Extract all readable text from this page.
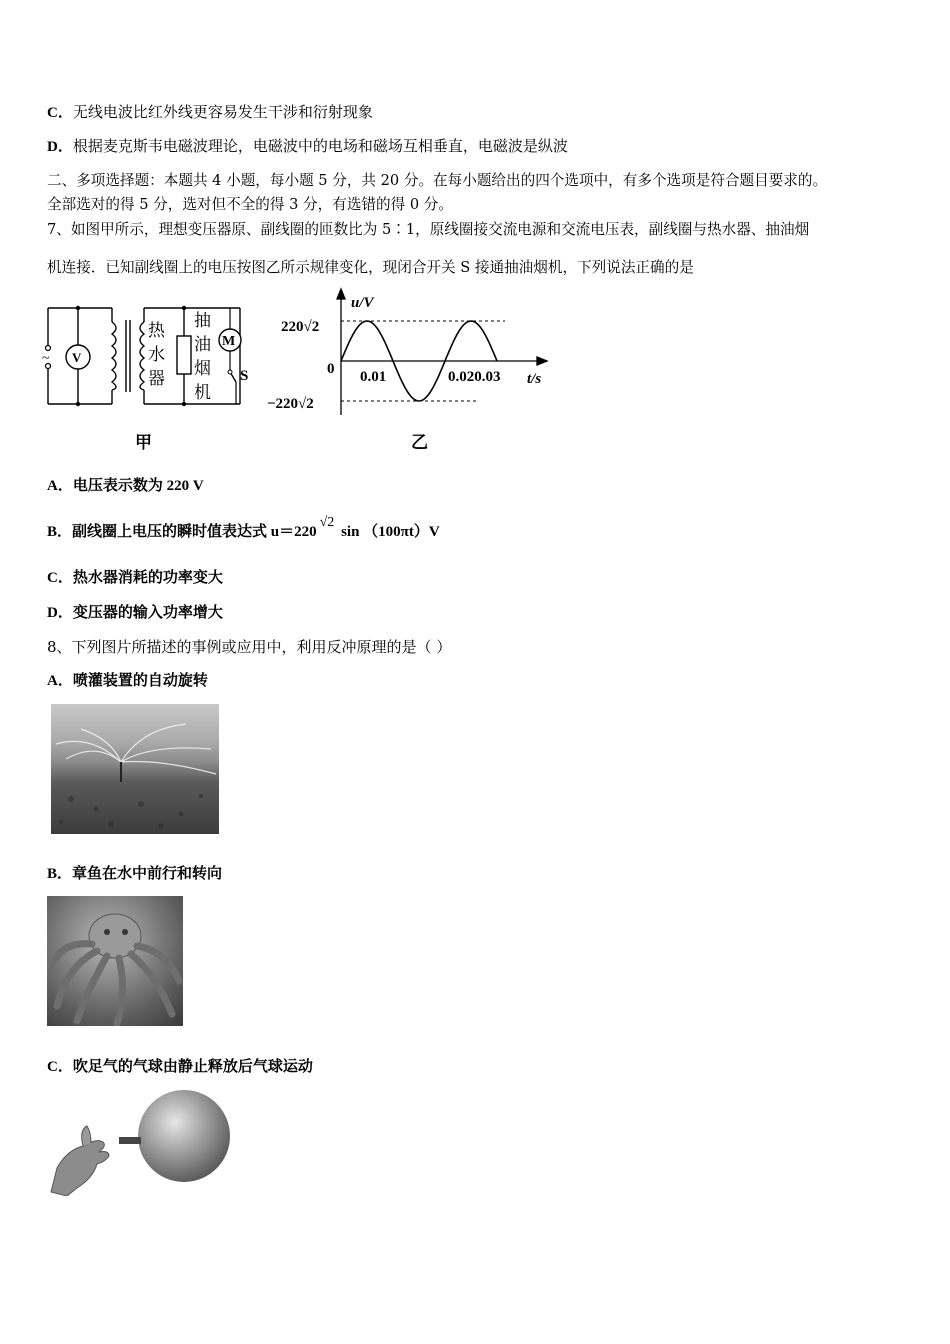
C．无线电波比红外线更容易发生干涉和衍射现象
D．根据麦克斯韦电磁波理论，电磁波中的电场和磁场互相垂直，电磁波是纵波
二、多项选择题：本题共 4 小题，每小题 5 分，共 20 分。在每小题给出的四个选项中，有多个选项是符合题目要求的。
全部选对的得 5 分，选对但不全的得 3 分，有选错的得 0 分。
7、如图甲所示，理想变压器原、副线圈的匝数比为 5∶1，原线圈接交流电源和交流电压表，副线圈与热水器、抽油烟
机连接．已知副线圈上的电压按图乙所示规律变化，现闭合开关 S 接通抽油烟机，下列说法正确的是
~ V
热
水
器
抽
油
烟
机
M
S
甲
u/V
t/s
0
220√2
−220√2
0.01	0.020.03
乙
A．电压表示数为 220 V
B．副线圈上电压的瞬时值表达式 u＝220√2 sin （100πt）V
C．热水器消耗的功率变大
D．变压器的输入功率增大
8、下列图片所描述的事例或应用中，利用反冲原理的是（ ）
A．喷灌装置的自动旋转
B．章鱼在水中前行和转向
C．吹足气的气球由静止释放后气球运动
